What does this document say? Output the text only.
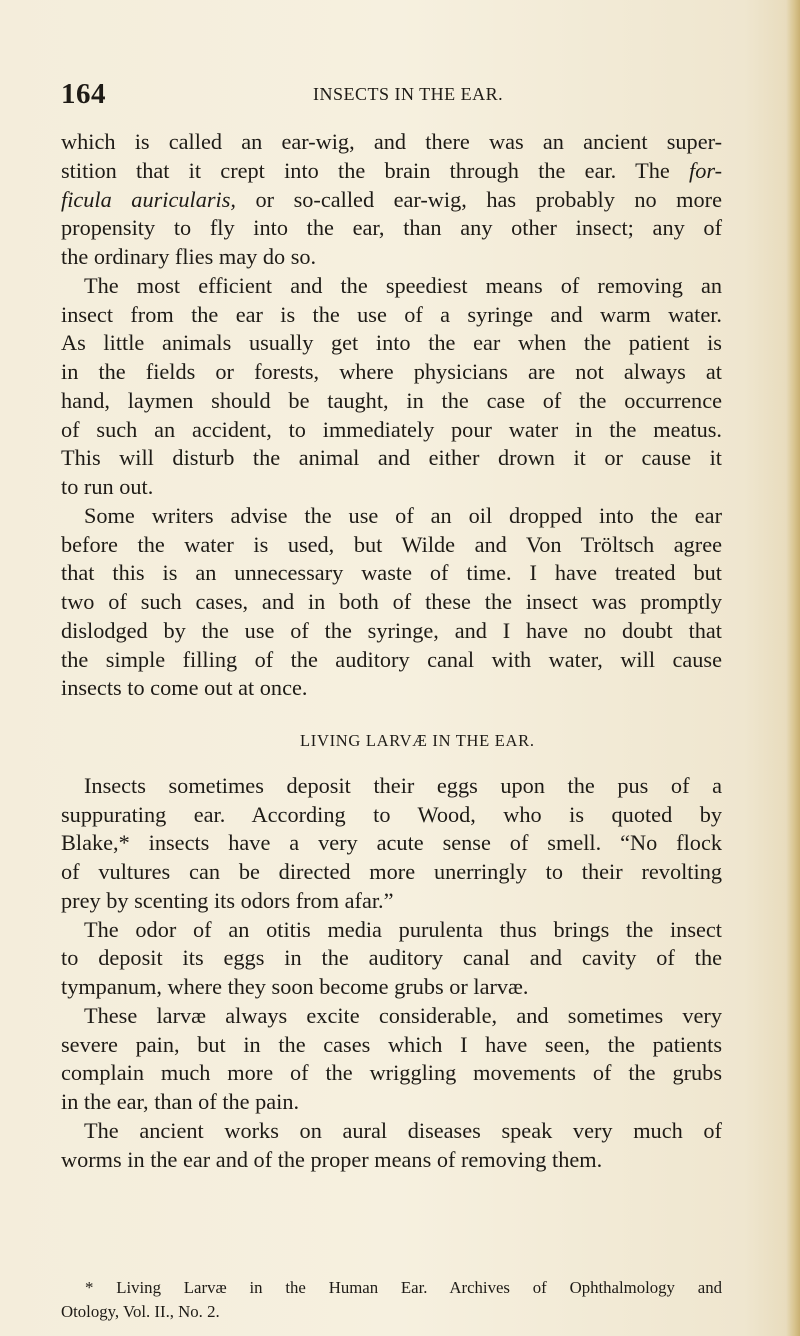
164	INSECTS IN THE EAR.
which is called an ear-wig, and there was an ancient super-
stition that it crept into the brain through the ear. The for-
ficula auricularis, or so-called ear-wig, has probably no more
propensity to fly into the ear, than any other insect; any of
the ordinary flies may do so.
The most efficient and the speediest means of removing an
insect from the ear is the use of a syringe and warm water.
As little animals usually get into the ear when the patient is
in the fields or forests, where physicians are not always at
hand, laymen should be taught, in the case of the occurrence
of such an accident, to immediately pour water in the meatus.
This will disturb the animal and either drown it or cause it
to run out.
Some writers advise the use of an oil dropped into the ear
before the water is used, but Wilde and Von Tröltsch agree
that this is an unnecessary waste of time. I have treated but
two of such cases, and in both of these the insect was promptly
dislodged by the use of the syringe, and I have no doubt that
the simple filling of the auditory canal with water, will cause
insects to come out at once.
LIVING LARVÆ IN THE EAR.
Insects sometimes deposit their eggs upon the pus of a
suppurating ear. According to Wood, who is quoted by
Blake,* insects have a very acute sense of smell. “No flock
of vultures can be directed more unerringly to their revolting
prey by scenting its odors from afar.”
The odor of an otitis media purulenta thus brings the insect
to deposit its eggs in the auditory canal and cavity of the
tympanum, where they soon become grubs or larvæ.
These larvæ always excite considerable, and sometimes very
severe pain, but in the cases which I have seen, the patients
complain much more of the wriggling movements of the grubs
in the ear, than of the pain.
The ancient works on aural diseases speak very much of
worms in the ear and of the proper means of removing them.
* Living Larvæ in the Human Ear. Archives of Ophthalmology and
Otology, Vol. II., No. 2.
